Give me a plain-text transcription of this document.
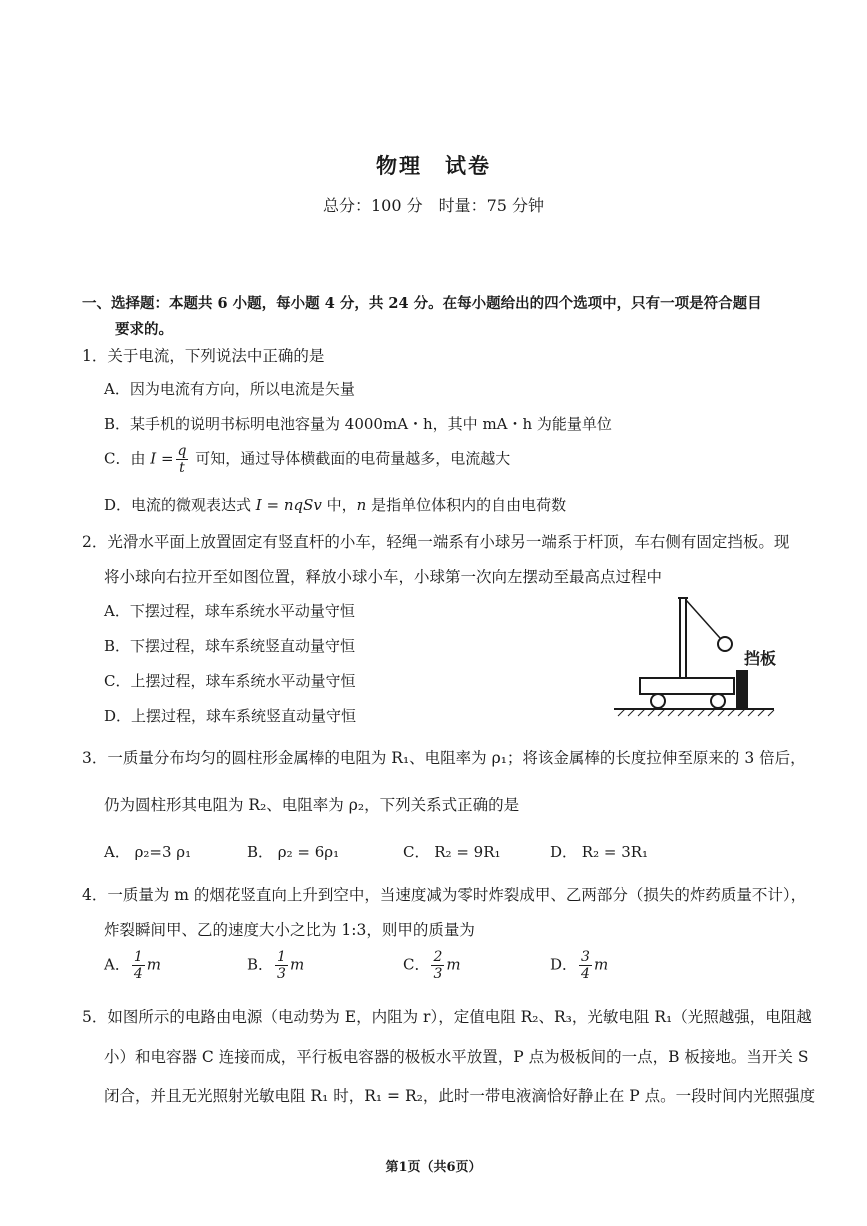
物理　试卷
总分：100 分　时量：75 分钟
一、选择题：本题共 6 小题，每小题 4 分，共 24 分。在每小题给出的四个选项中，只有一项是符合题目
要求的。
1．关于电流，下列说法中正确的是
A．因为电流有方向，所以电流是矢量
B．某手机的说明书标明电池容量为 4000mA・h，其中 mA・h 为能量单位
C．由 $I = \frac{q}{t}$ 可知，通过导体横截面的电荷量越多，电流越大
D．电流的微观表达式 I = nqSv 中，n 是指单位体积内的自由电荷数
2．光滑水平面上放置固定有竖直杆的小车，轻绳一端系有小球另一端系于杆顶，车右侧有固定挡板。现
将小球向右拉开至如图位置，释放小球小车，小球第一次向左摆动至最高点过程中
A．下摆过程，球车系统水平动量守恒
B．下摆过程，球车系统竖直动量守恒
C．上摆过程，球车系统水平动量守恒
D．上摆过程，球车系统竖直动量守恒
挡板
3．一质量分布均匀的圆柱形金属棒的电阻为 R₁、电阻率为 ρ₁；将该金属棒的长度拉伸至原来的 3 倍后，
仍为圆柱形其电阻为 R₂、电阻率为 ρ₂，下列关系式正确的是
A． ρ₂=3 ρ₁	B． ρ₂ = 6ρ₁	C． R₂ = 9R₁	D． R₂ = 3R₁
4．一质量为 m 的烟花竖直向上升到空中，当速度减为零时炸裂成甲、乙两部分（损失的炸药质量不计），
炸裂瞬间甲、乙的速度大小之比为 1:3，则甲的质量为
A． $\frac{1}{4}$ m	B． $\frac{1}{3}$ m	C． $\frac{2}{3}$ m	D． $\frac{3}{4}$ m
5．如图所示的电路由电源（电动势为 E，内阻为 r），定值电阻 R₂、R₃，光敏电阻 R₁（光照越强，电阻越
小）和电容器 C 连接而成，平行板电容器的极板水平放置，P 点为极板间的一点，B 板接地。当开关 S
闭合，并且无光照射光敏电阻 R₁ 时，R₁ = R₂，此时一带电液滴恰好静止在 P 点。一段时间内光照强度
第1页（共6页）
